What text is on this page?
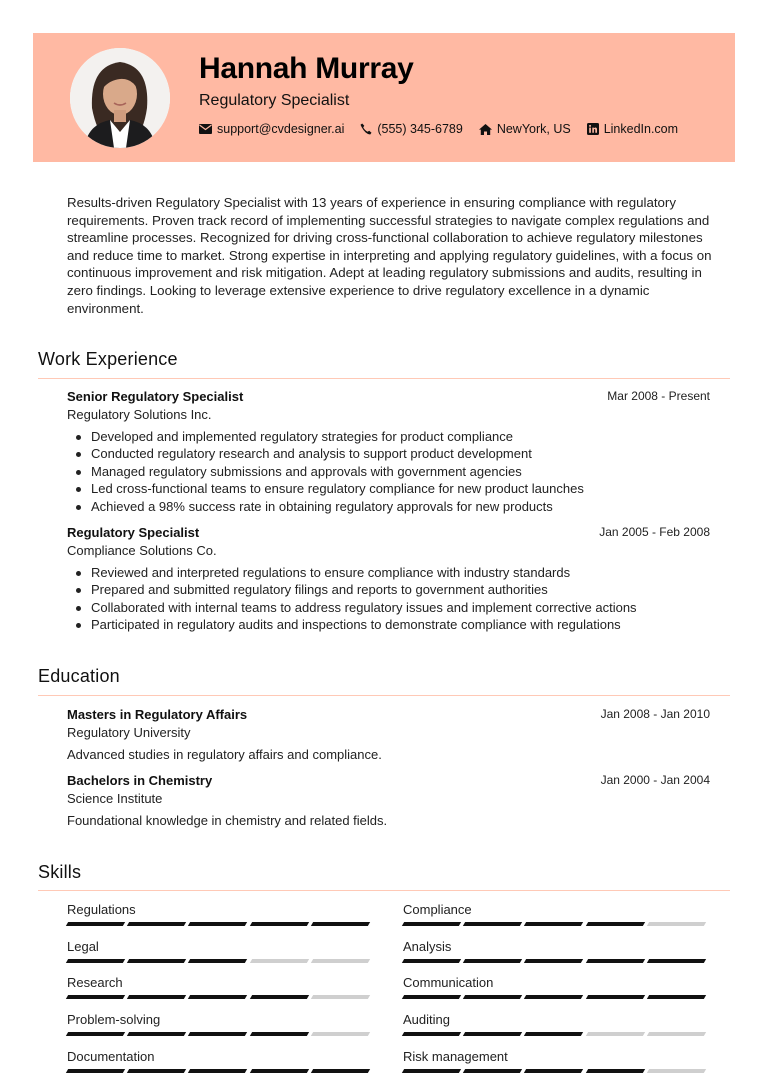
Hannah Murray
Regulatory Specialist
support@cvdesigner.ai	(555) 345-6789	NewYork, US	LinkedIn.com
Results-driven Regulatory Specialist with 13 years of experience in ensuring compliance with regulatory requirements. Proven track record of implementing successful strategies to navigate complex regulations and streamline processes. Recognized for driving cross-functional collaboration to achieve regulatory milestones and reduce time to market. Strong expertise in interpreting and applying regulatory guidelines, with a focus on continuous improvement and risk mitigation. Adept at leading regulatory submissions and audits, resulting in zero findings. Looking to leverage extensive experience to drive regulatory excellence in a dynamic environment.
Work Experience
Senior Regulatory Specialist	Mar 2008 - Present
Regulatory Solutions Inc.
Developed and implemented regulatory strategies for product compliance
Conducted regulatory research and analysis to support product development
Managed regulatory submissions and approvals with government agencies
Led cross-functional teams to ensure regulatory compliance for new product launches
Achieved a 98% success rate in obtaining regulatory approvals for new products
Regulatory Specialist	Jan 2005 - Feb 2008
Compliance Solutions Co.
Reviewed and interpreted regulations to ensure compliance with industry standards
Prepared and submitted regulatory filings and reports to government authorities
Collaborated with internal teams to address regulatory issues and implement corrective actions
Participated in regulatory audits and inspections to demonstrate compliance with regulations
Education
Masters in Regulatory Affairs	Jan 2008 - Jan 2010
Regulatory University
Advanced studies in regulatory affairs and compliance.
Bachelors in Chemistry	Jan 2000 - Jan 2004
Science Institute
Foundational knowledge in chemistry and related fields.
Skills
Regulations	Compliance
Legal	Analysis
Research	Communication
Problem-solving	Auditing
Documentation	Risk management
